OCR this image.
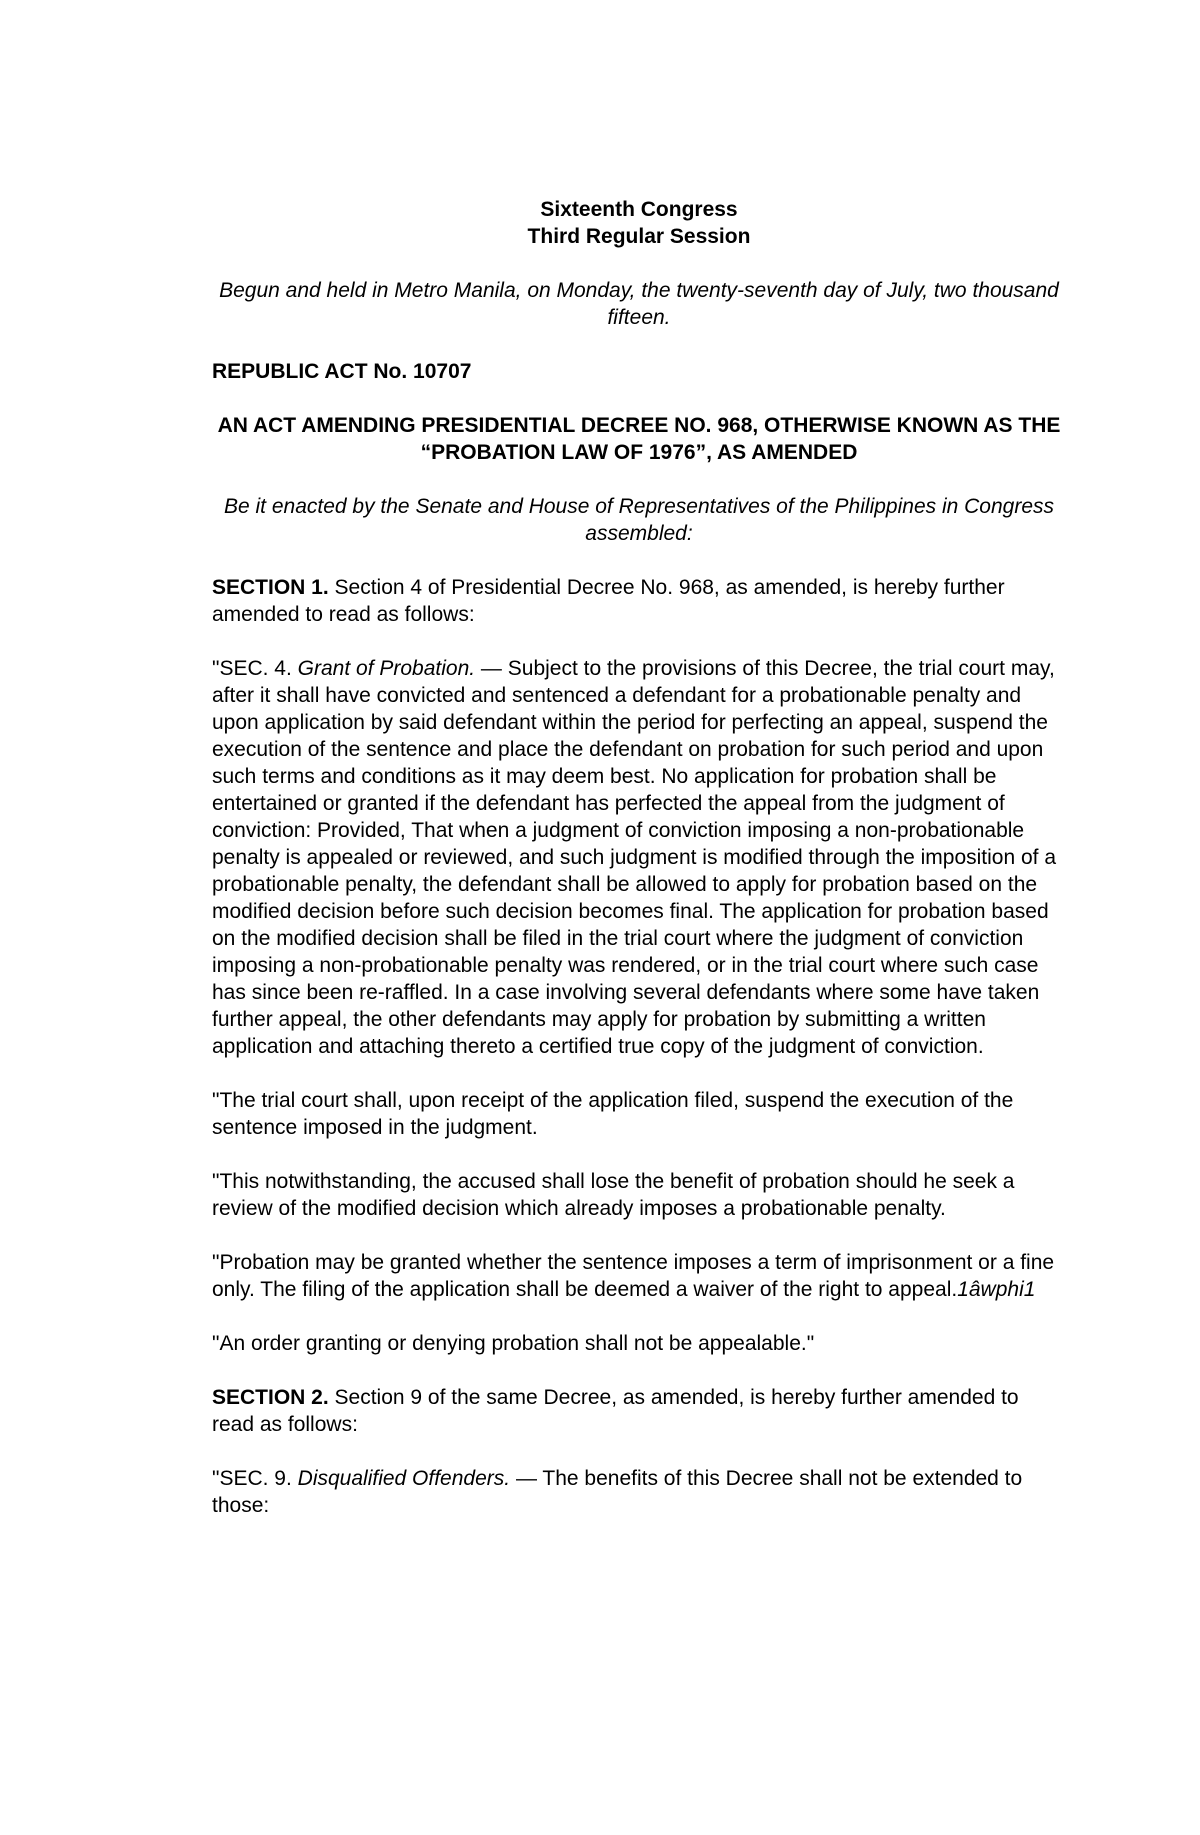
Sixteenth Congress

Third Regular Session

Begun and held in Metro Manila, on Monday, the twenty-seventh day of July, two thousand fifteen.

REPUBLIC ACT No. 10707

AN ACT AMENDING PRESIDENTIAL DECREE NO. 968, OTHERWISE KNOWN AS THE “PROBATION LAW OF 1976”, AS AMENDED

Be it enacted by the Senate and House of Representatives of the Philippines in Congress assembled:

SECTION 1. Section 4 of Presidential Decree No. 968, as amended, is hereby further amended to read as follows:

"SEC. 4. Grant of Probation. — Subject to the provisions of this Decree, the trial court may, after it shall have convicted and sentenced a defendant for a probationable penalty and upon application by said defendant within the period for perfecting an appeal, suspend the execution of the sentence and place the defendant on probation for such period and upon such terms and conditions as it may deem best. No application for probation shall be entertained or granted if the defendant has perfected the appeal from the judgment of conviction: Provided, That when a judgment of conviction imposing a non-probationable penalty is appealed or reviewed, and such judgment is modified through the imposition of a probationable penalty, the defendant shall be allowed to apply for probation based on the modified decision before such decision becomes final. The application for probation based on the modified decision shall be filed in the trial court where the judgment of conviction imposing a non-probationable penalty was rendered, or in the trial court where such case has since been re-raffled. In a case involving several defendants where some have taken further appeal, the other defendants may apply for probation by submitting a written application and attaching thereto a certified true copy of the judgment of conviction.

"The trial court shall, upon receipt of the application filed, suspend the execution of the sentence imposed in the judgment.

"This notwithstanding, the accused shall lose the benefit of probation should he seek a review of the modified decision which already imposes a probationable penalty.

"Probation may be granted whether the sentence imposes a term of imprisonment or a fine only. The filing of the application shall be deemed a waiver of the right to appeal.1âwphi1

"An order granting or denying probation shall not be appealable."

SECTION 2. Section 9 of the same Decree, as amended, is hereby further amended to read as follows:

"SEC. 9. Disqualified Offenders. — The benefits of this Decree shall not be extended to those:
